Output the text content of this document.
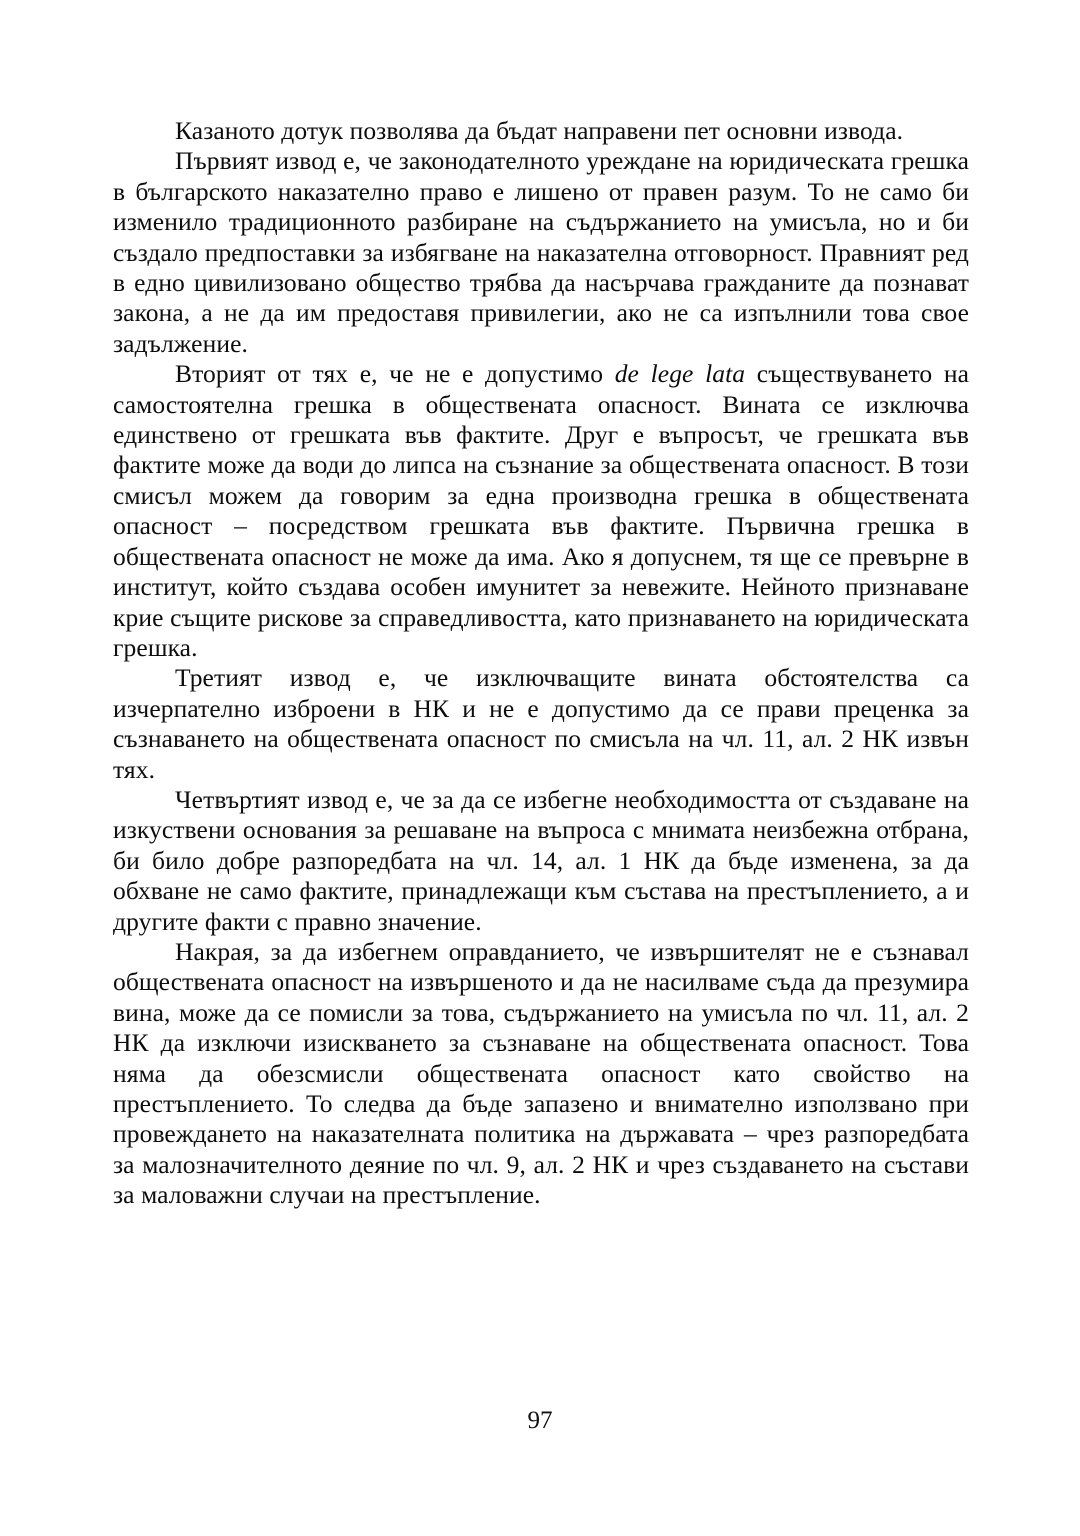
Казаното дотук позволява да бъдат направени пет основни извода.

Първият извод е, че законодателното уреждане на юридическата грешка в българското наказателно право е лишено от правен разум. То не само би изменило традиционното разбиране на съдържанието на умисъла, но и би създало предпоставки за избягване на наказателна отговорност. Правният ред в едно цивилизовано общество трябва да насърчава гражданите да познават закона, а не да им предоставя привилегии, ако не са изпълнили това свое задължение.

Вторият от тях е, че не е допустимо de lege lata съществуването на самостоятелна грешка в обществената опасност. Вината се изключва единствено от грешката във фактите. Друг е въпросът, че грешката във фактите може да води до липса на съзнание за обществената опасност. В този смисъл можем да говорим за една производна грешка в обществената опасност – посредством грешката във фактите. Първична грешка в обществената опасност не може да има. Ако я допуснем, тя ще се превърне в институт, който създава особен имунитет за невежите. Нейното признаване крие същите рискове за справедливостта, като признаването на юридическата грешка.

Третият извод е, че изключващите вината обстоятелства са изчерпателно изброени в НК и не е допустимо да се прави преценка за съзнаването на обществената опасност по смисъла на чл. 11, ал. 2 НК извън тях.

Четвъртият извод е, че за да се избегне необходимостта от създаване на изкуствени основания за решаване на въпроса с мнимата неизбежна отбрана, би било добре разпоредбата на чл. 14, ал. 1 НК да бъде изменена, за да обхване не само фактите, принадлежащи към състава на престъплението, а и другите факти с правно значение.

Накрая, за да избегнем оправданието, че извършителят не е съзнавал обществената опасност на извършеното и да не насилваме съда да презумира вина, може да се помисли за това, съдържанието на умисъла по чл. 11, ал. 2 НК да изключи изискването за съзнаване на обществената опасност. Това няма да обезсмисли обществената опасност като свойство на престъплението. То следва да бъде запазено и внимателно използвано при провеждането на наказателната политика на държавата – чрез разпоредбата за малозначителното деяние по чл. 9, ал. 2 НК и чрез създаването на състави за маловажни случаи на престъпление.

97
